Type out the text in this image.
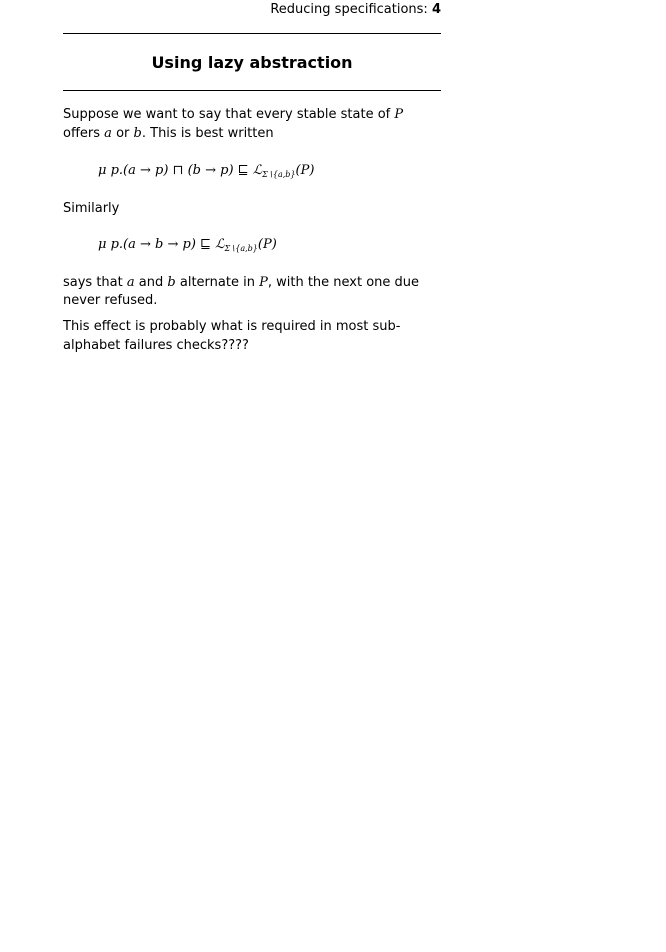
Reducing specifications: 4
Using lazy abstraction
Suppose we want to say that every stable state of P offers a or b. This is best written
μ p.(a → p) ⊓ (b → p) ⊑ ℒ$_{\Sigma∖\{a,b\}}$(P)
Similarly
μ p.(a → b → p) ⊑ ℒ$_{\Sigma∖\{a,b\}}$(P)
says that a and b alternate in P, with the next one due never refused.
This effect is probably what is required in most sub-alphabet failures checks????
